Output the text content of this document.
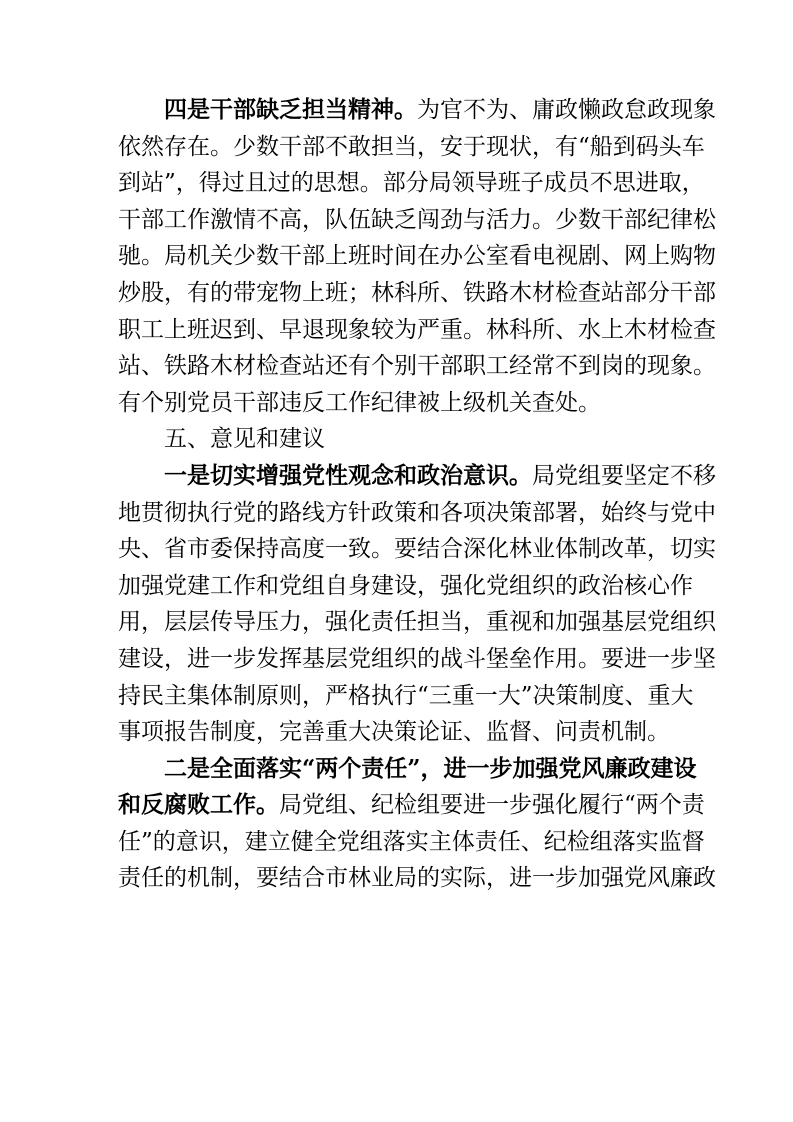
四是干部缺乏担当精神。为官不为、庸政懒政怠政现象
依然存在。少数干部不敢担当，安于现状，有“船到码头车
到站”，得过且过的思想。部分局领导班子成员不思进取，
干部工作激情不高，队伍缺乏闯劲与活力。少数干部纪律松
驰。局机关少数干部上班时间在办公室看电视剧、网上购物
炒股，有的带宠物上班；林科所、铁路木材检查站部分干部
职工上班迟到、早退现象较为严重。林科所、水上木材检查
站、铁路木材检查站还有个别干部职工经常不到岗的现象。
有个别党员干部违反工作纪律被上级机关查处。
五、意见和建议
一是切实增强党性观念和政治意识。局党组要坚定不移
地贯彻执行党的路线方针政策和各项决策部署，始终与党中
央、省市委保持高度一致。要结合深化林业体制改革，切实
加强党建工作和党组自身建设，强化党组织的政治核心作
用，层层传导压力，强化责任担当，重视和加强基层党组织
建设，进一步发挥基层党组织的战斗堡垒作用。要进一步坚
持民主集体制原则，严格执行“三重一大”决策制度、重大
事项报告制度，完善重大决策论证、监督、问责机制。
二是全面落实“两个责任”，进一步加强党风廉政建设
和反腐败工作。局党组、纪检组要进一步强化履行“两个责
任”的意识，建立健全党组落实主体责任、纪检组落实监督
责任的机制，要结合市林业局的实际，进一步加强党风廉政
